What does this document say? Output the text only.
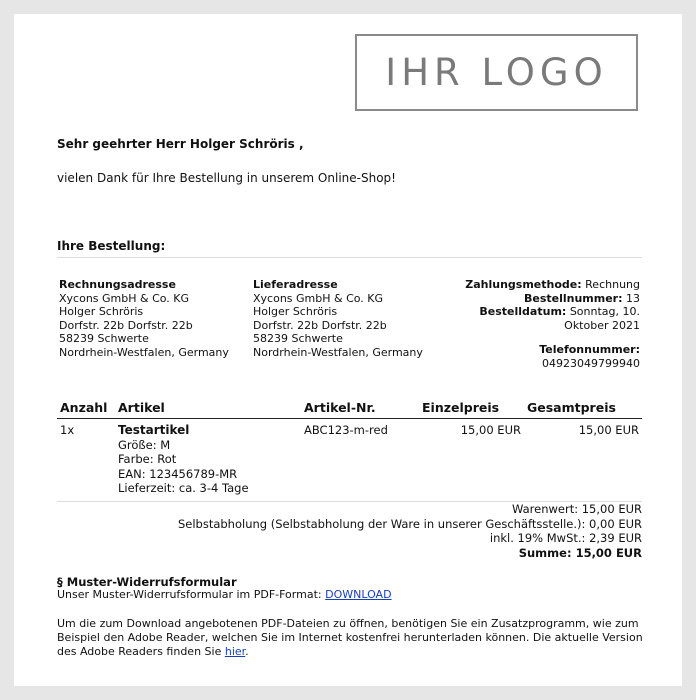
IHR LOGO
Sehr geehrter Herr Holger Schröris ,
vielen Dank für Ihre Bestellung in unserem Online-Shop!
Ihre Bestellung:
Rechnungsadresse
Xycons GmbH & Co. KG
Holger Schröris
Dorfstr. 22b Dorfstr. 22b
58239 Schwerte
Nordrhein-Westfalen, Germany
Lieferadresse
Xycons GmbH & Co. KG
Holger Schröris
Dorfstr. 22b Dorfstr. 22b
58239 Schwerte
Nordrhein-Westfalen, Germany
Zahlungsmethode: Rechnung
Bestellnummer: 13
Bestelldatum: Sonntag, 10.
Oktober 2021
Telefonnummer:
04923049799940
Anzahl	Artikel	Artikel-Nr.	Einzelpreis	Gesamtpreis
1x	Testartikel
Größe: M
Farbe: Rot
EAN: 123456789-MR
Lieferzeit: ca. 3-4 Tage	ABC123-m-red	15,00 EUR	15,00 EUR
Warenwert: 15,00 EUR
Selbstabholung (Selbstabholung der Ware in unserer Geschäftsstelle.): 0,00 EUR
inkl. 19% MwSt.: 2,39 EUR
Summe: 15,00 EUR
§ Muster-Widerrufsformular
Unser Muster-Widerrufsformular im PDF-Format: DOWNLOAD
Um die zum Download angebotenen PDF-Dateien zu öffnen, benötigen Sie ein Zusatzprogramm, wie zum Beispiel den Adobe Reader, welchen Sie im Internet kostenfrei herunterladen können. Die aktuelle Version des Adobe Readers finden Sie hier.
